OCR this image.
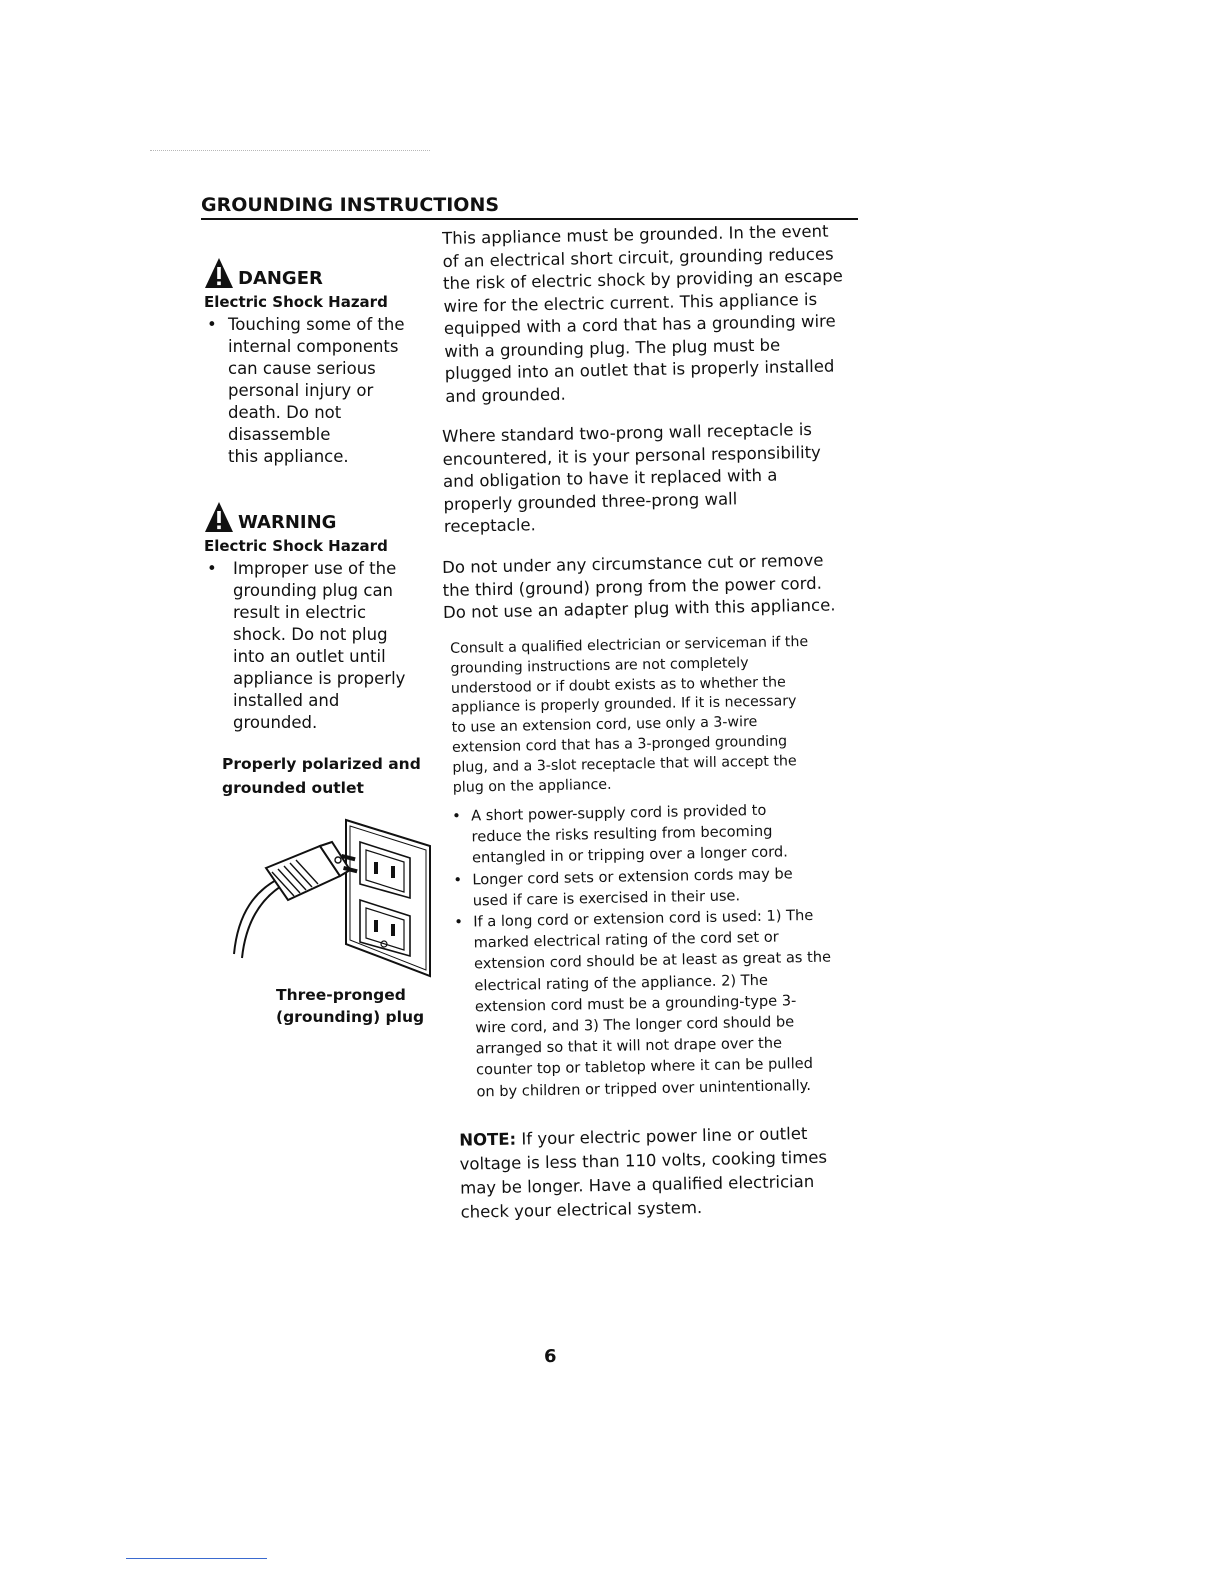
GROUNDING INSTRUCTIONS
DANGER
Electric Shock Hazard
• Touching some of the
internal components
can cause serious
personal injury or
death. Do not
disassemble
this appliance.
WARNING
Electric Shock Hazard
• Improper use of the
grounding plug can
result in electric
shock. Do not plug
into an outlet until
appliance is properly
installed and
grounded.
Properly polarized and
grounded outlet
Three-pronged
(grounding) plug
This appliance must be grounded. In the event
of an electrical short circuit, grounding reduces
the risk of electric shock by providing an escape
wire for the electric current. This appliance is
equipped with a cord that has a grounding wire
with a grounding plug. The plug must be
plugged into an outlet that is properly installed
and grounded.
Where standard two-prong wall receptacle is
encountered, it is your personal responsibility
and obligation to have it replaced with a
properly grounded three-prong wall
receptacle.
Do not under any circumstance cut or remove
the third (ground) prong from the power cord.
Do not use an adapter plug with this appliance.
Consult a qualified electrician or serviceman if the
grounding instructions are not completely
understood or if doubt exists as to whether the
appliance is properly grounded. If it is necessary
to use an extension cord, use only a 3-wire
extension cord that has a 3-pronged grounding
plug, and a 3-slot receptacle that will accept the
plug on the appliance.
• A short power-supply cord is provided to
reduce the risks resulting from becoming
entangled in or tripping over a longer cord.
• Longer cord sets or extension cords may be
used if care is exercised in their use.
• If a long cord or extension cord is used: 1) The
marked electrical rating of the cord set or
extension cord should be at least as great as the
electrical rating of the appliance. 2) The
extension cord must be a grounding-type 3-
wire cord, and 3) The longer cord should be
arranged so that it will not drape over the
counter top or tabletop where it can be pulled
on by children or tripped over unintentionally.
NOTE: If your electric power line or outlet
voltage is less than 110 volts, cooking times
may be longer. Have a qualified electrician
check your electrical system.
6
